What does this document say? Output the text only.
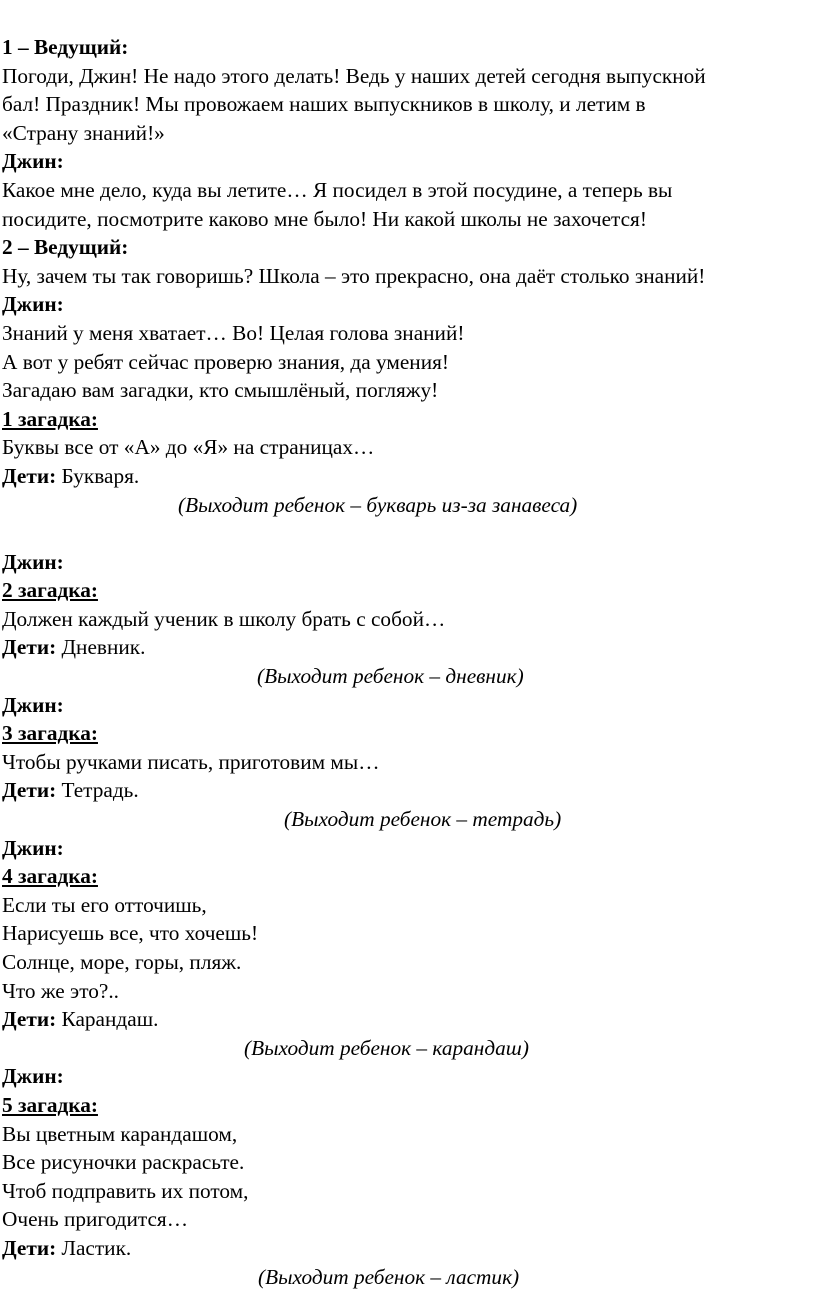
1 – Ведущий:
Погоди, Джин! Не надо этого делать! Ведь у наших детей сегодня выпускной
бал! Праздник! Мы провожаем наших выпускников в школу, и летим в
«Страну знаний!»
Джин:
Какое мне дело, куда вы летите… Я посидел в этой посудине, а теперь вы
посидите, посмотрите каково мне было! Ни какой школы не захочется!
2 – Ведущий:
Ну, зачем ты так говоришь? Школа – это прекрасно, она даёт столько знаний!
Джин:
Знаний у меня хватает… Во! Целая голова знаний!
А вот у ребят сейчас проверю знания, да умения!
Загадаю вам загадки, кто смышлёный, погляжу!
1 загадка:
Буквы все от «А» до «Я» на страницах…
Дети: Букваря.
(Выходит ребенок – букварь из-за занавеса)
Джин:
2 загадка:
Должен каждый ученик в школу брать с собой…
Дети: Дневник.
(Выходит ребенок – дневник)
Джин:
3 загадка:
Чтобы ручками писать, приготовим мы…
Дети: Тетрадь.
(Выходит ребенок – тетрадь)
Джин:
4 загадка:
Если ты его отточишь,
Нарисуешь все, что хочешь!
Солнце, море, горы, пляж.
Что же это?..
Дети: Карандаш.
(Выходит ребенок – карандаш)
Джин:
5 загадка:
Вы цветным карандашом,
Все рисуночки раскрасьте.
Чтоб подправить их потом,
Очень пригодится…
Дети: Ластик.
(Выходит ребенок – ластик)
